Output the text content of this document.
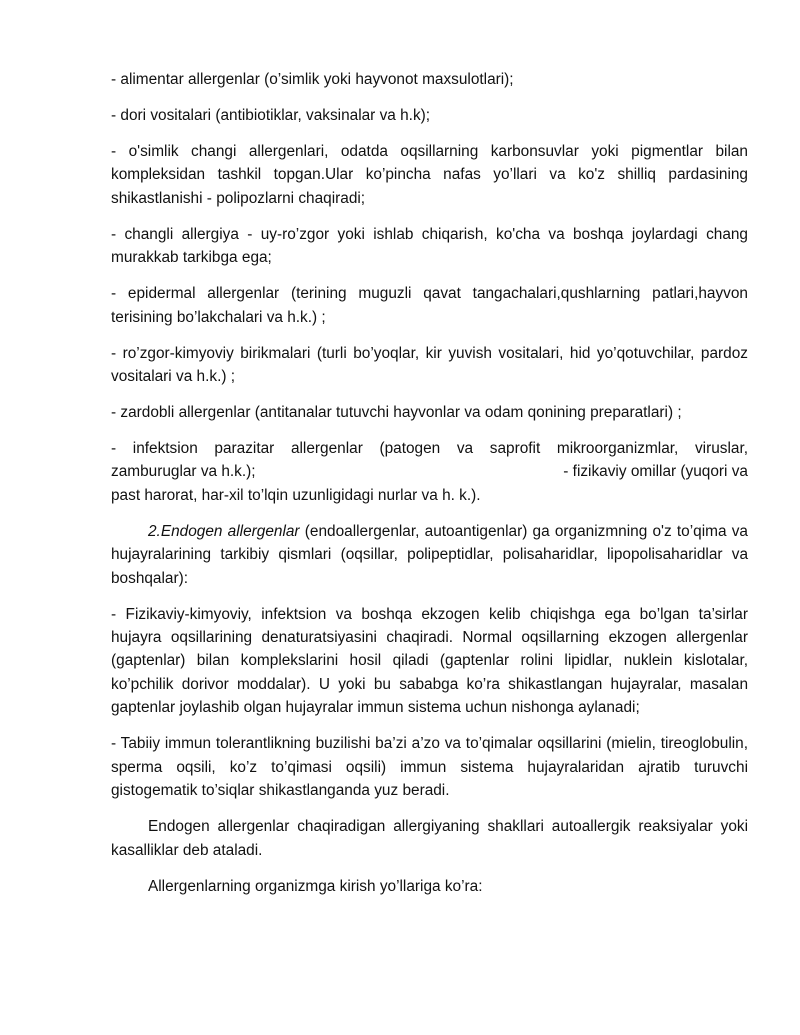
- alimentar allergenlar (o’simlik yoki hayvonot maxsulotlari);

- dori vositalari (antibiotiklar, vaksinalar va h.k);

- o'simlik changi allergenlari, odatda oqsillarning karbonsuvlar yoki pigmentlar bilan kompleksidan tashkil topgan.Ular ko’pincha nafas yo’llari va ko'z shilliq pardasining shikastlanishi - polipozlarni chaqiradi;

- changli allergiya - uy-ro’zgor yoki ishlab chiqarish, ko'cha va boshqa joylardagi chang murakkab tarkibga ega;

- epidermal allergenlar (terining muguzli qavat tangachalari,qushlarning patlari,hayvon terisining bo’lakchalari va h.k.) ;

- ro’zgor-kimyoviy birikmalari (turli bo’yoqlar, kir yuvish vositalari, hid yo’qotuvchilar, pardoz vositalari va h.k.) ;

- zardobli allergenlar (antitanalar tutuvchi hayvonlar va odam qonining preparatlari) ;

- infektsion parazitar allergenlar (patogen va saprofit mikroorganizmlar, viruslar,
zamburuglar va h.k.);	- fizikaviy omillar (yuqori va
past harorat, har-xil to’lqin uzunligidagi nurlar va h. k.).

2.Endogen allergenlar (endoallergenlar, autoantigenlar) ga organizmning o'z to’qima va hujayralarining tarkibiy qismlari (oqsillar, polipeptidlar, polisaharidlar, lipopolisaharidlar va boshqalar):

- Fizikaviy-kimyoviy, infektsion va boshqa ekzogen kelib chiqishga ega bo’lgan ta’sirlar hujayra oqsillarining denaturatsiyasini chaqiradi. Normal oqsillarning ekzogen allergenlar (gaptenlar) bilan komplekslarini hosil qiladi (gaptenlar rolini lipidlar, nuklein kislotalar, ko’pchilik dorivor moddalar). U yoki bu sababga ko’ra shikastlangan hujayralar, masalan gaptenlar joylashib olgan hujayralar immun sistema uchun nishonga aylanadi;

- Tabiiy immun tolerantlikning buzilishi ba’zi a’zo va to’qimalar oqsillarini (mielin, tireoglobulin, sperma oqsili, ko’z to’qimasi oqsili) immun sistema hujayralaridan ajratib turuvchi gistogematik to’siqlar shikastlanganda yuz beradi.

Endogen allergenlar chaqiradigan allergiyaning shakllari autoallergik reaksiyalar yoki kasalliklar deb ataladi.

Allergenlarning organizmga kirish yo’llariga ko’ra:
